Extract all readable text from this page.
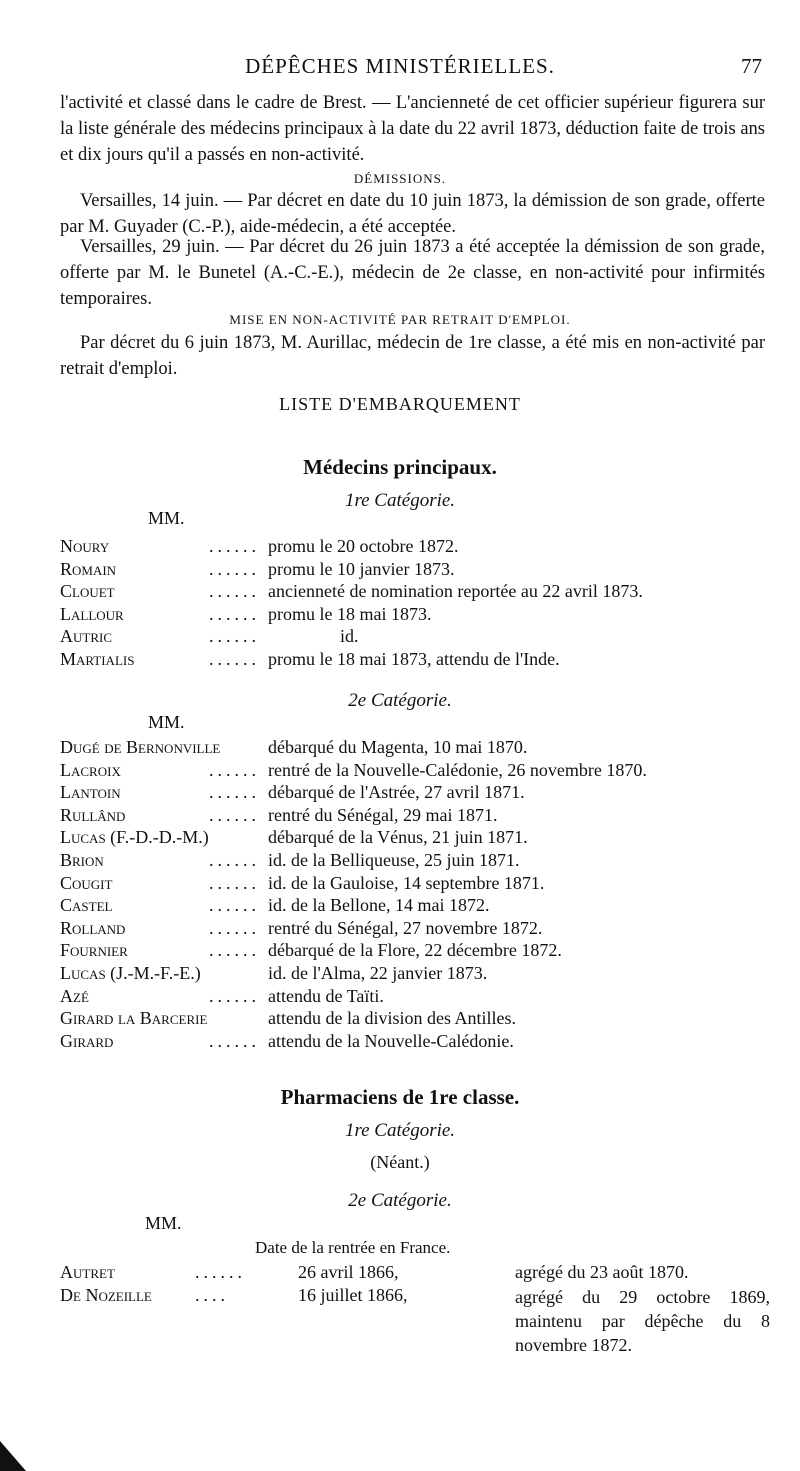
DÉPÊCHES MINISTÉRIELLES.	77
l'activité et classé dans le cadre de Brest. — L'ancienneté de cet officier supérieur figurera sur la liste générale des médecins principaux à la date du 22 avril 1873, déduction faite de trois ans et dix jours qu'il a passés en non-activité.
DÉMISSIONS.
Versailles, 14 juin. — Par décret en date du 10 juin 1873, la démission de son grade, offerte par M. Guyader (C.-P.), aide-médecin, a été acceptée.
Versailles, 29 juin. — Par décret du 26 juin 1873 a été acceptée la démission de son grade, offerte par M. le Bunetel (A.-C.-E.), médecin de 2e classe, en non-activité pour infirmités temporaires.
MISE EN NON-ACTIVITÉ PAR RETRAIT D'EMPLOI.
Par décret du 6 juin 1873, M. Aurillac, médecin de 1re classe, a été mis en non-activité par retrait d'emploi.
LISTE D'EMBARQUEMENT
Médecins principaux.
1re Catégorie.
MM.
Noury	...... promu le 20 octobre 1872.
Romain	...... promu le 10 janvier 1873.
Clouet	...... ancienneté de nomination reportée au 22 avril 1873.
Lallour	...... promu le 18 mai 1873.
Autric	......	id.
Martialis	...... promu le 18 mai 1873, attendu de l'Inde.
2e Catégorie.
MM.
Dugé de Bernonville	débarqué du Magenta, 10 mai 1870.
Lacroix	...... rentré de la Nouvelle-Calédonie, 26 novembre 1870.
Lantoin	...... débarqué de l'Astrée, 27 avril 1871.
Rullând	...... rentré du Sénégal, 29 mai 1871.
Lucas (F.-D.-D.-M.)	débarqué de la Vénus, 21 juin 1871.
Brion	...... id. de la Belliqueuse, 25 juin 1871.
Cougit	...... id. de la Gauloise, 14 septembre 1871.
Castel	...... id. de la Bellone, 14 mai 1872.
Rolland	...... rentré du Sénégal, 27 novembre 1872.
Fournier	...... débarqué de la Flore, 22 décembre 1872.
Lucas (J.-M.-F.-E.)	id. de l'Alma, 22 janvier 1873.
Azé	...... attendu de Taïti.
Girard la Barcerie	attendu de la division des Antilles.
Girard	...... attendu de la Nouvelle-Calédonie.
Pharmaciens de 1re classe.
1re Catégorie.
(Néant.)
2e Catégorie.
MM.
Date de la rentrée en France.
Autret	......	26 avril 1866,	agrégé du 23 août 1870.
De Nozeille ....	16 juillet 1866,	agrégé du 29 octobre 1869, maintenu par dépêche du 8 novembre 1872.
